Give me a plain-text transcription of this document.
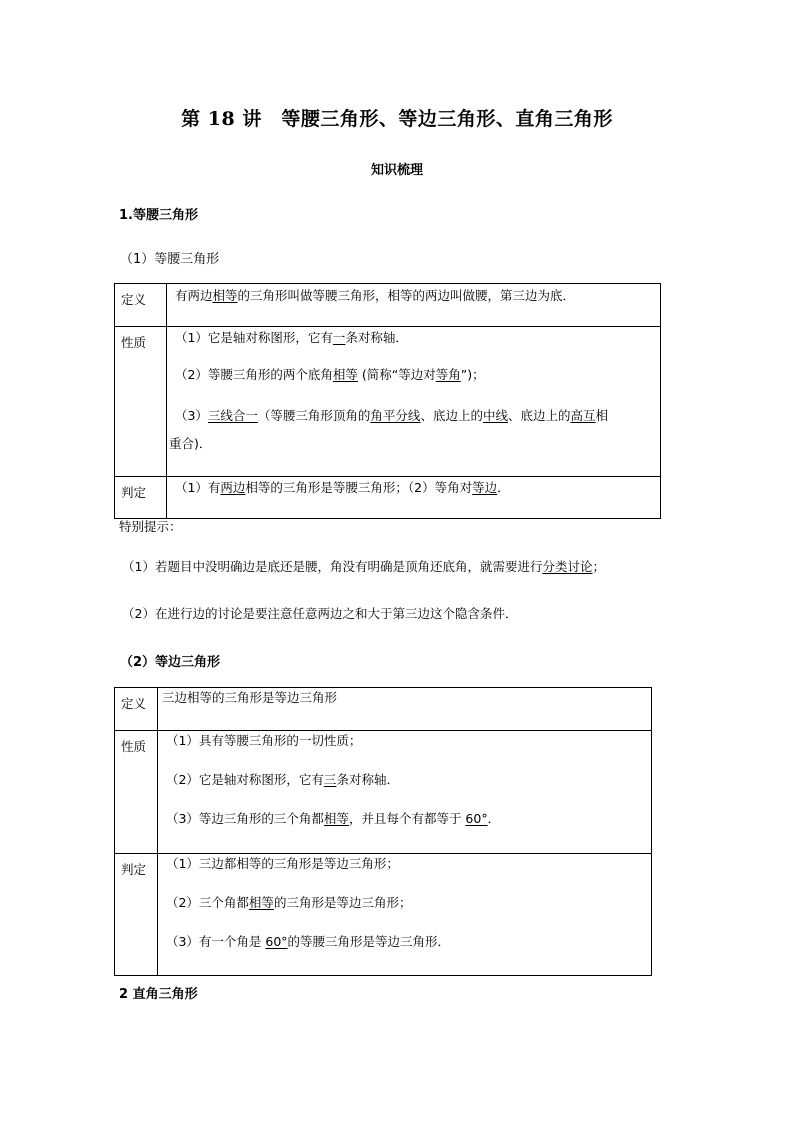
第 18 讲　等腰三角形、等边三角形、直角三角形
知识梳理
1.等腰三角形
（1）等腰三角形
定义	有两边相等的三角形叫做等腰三角形，相等的两边叫做腰，第三边为底．

性质	（1）它是轴对称图形，它有一条对称轴．
（2）等腰三角形的两个底角相等 (简称“等边对等角”)；
（3）三线合一（等腰三角形顶角的角平分线、底边上的中线、底边上的高互相
重合)．

判定	（1）有两边相等的三角形是等腰三角形；（2）等角对等边．
特别提示：
（1）若题目中没明确边是底还是腰，角没有明确是顶角还底角，就需要进行分类讨论；
（2）在进行边的讨论是要注意任意两边之和大于第三边这个隐含条件．
（2）等边三角形
定义	三边相等的三角形是等边三角形

性质	（1）具有等腰三角形的一切性质；
（2）它是轴对称图形，它有三条对称轴．
（3）等边三角形的三个角都相等，并且每个有都等于 60°．

判定	（1）三边都相等的三角形是等边三角形；
（2）三个角都相等的三角形是等边三角形；
（3）有一个角是 60°的等腰三角形是等边三角形．
2 直角三角形
